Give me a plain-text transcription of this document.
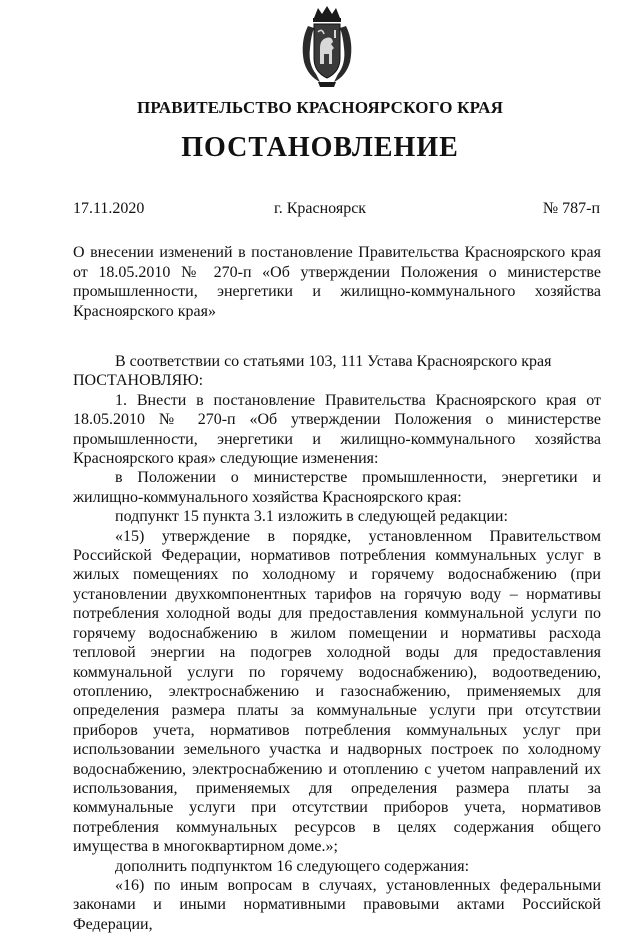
ПРАВИТЕЛЬСТВО КРАСНОЯРСКОГО КРАЯ
ПОСТАНОВЛЕНИЕ
17.11.2020	г. Красноярск	№ 787-п
О внесении изменений в постановление Правительства Красноярского края от 18.05.2010 № 270-п «Об утверждении Положения о министерстве промышленности, энергетики и жилищно-коммунального хозяйства Красноярского края»

В соответствии со статьями 103, 111 Устава Красноярского края

ПОСТАНОВЛЯЮ:

1. Внести в постановление Правительства Красноярского края от 18.05.2010 № 270-п «Об утверждении Положения о министерстве промышленности, энергетики и жилищно-коммунального хозяйства Красноярского края» следующие изменения:

в Положении о министерстве промышленности, энергетики и жилищно-коммунального хозяйства Красноярского края:

подпункт 15 пункта 3.1 изложить в следующей редакции:

«15) утверждение в порядке, установленном Правительством Российской Федерации, нормативов потребления коммунальных услуг в жилых помещениях по холодному и горячему водоснабжению (при установлении двухкомпонентных тарифов на горячую воду – нормативы потребления холодной воды для предоставления коммунальной услуги по горячему водоснабжению в жилом помещении и нормативы расхода тепловой энергии на подогрев холодной воды для предоставления коммунальной услуги по горячему водоснабжению), водоотведению, отоплению, электроснабжению и газоснабжению, применяемых для определения размера платы за коммунальные услуги при отсутствии приборов учета, нормативов потребления коммунальных услуг при использовании земельного участка и надворных построек по холодному водоснабжению, электроснабжению и отоплению с учетом направлений их использования, применяемых для определения размера платы за коммунальные услуги при отсутствии приборов учета, нормативов потребления коммунальных ресурсов в целях содержания общего имущества в многоквартирном доме.»;

дополнить подпунктом 16 следующего содержания:

«16) по иным вопросам в случаях, установленных федеральными законами и иными нормативными правовыми актами Российской Федерации,
